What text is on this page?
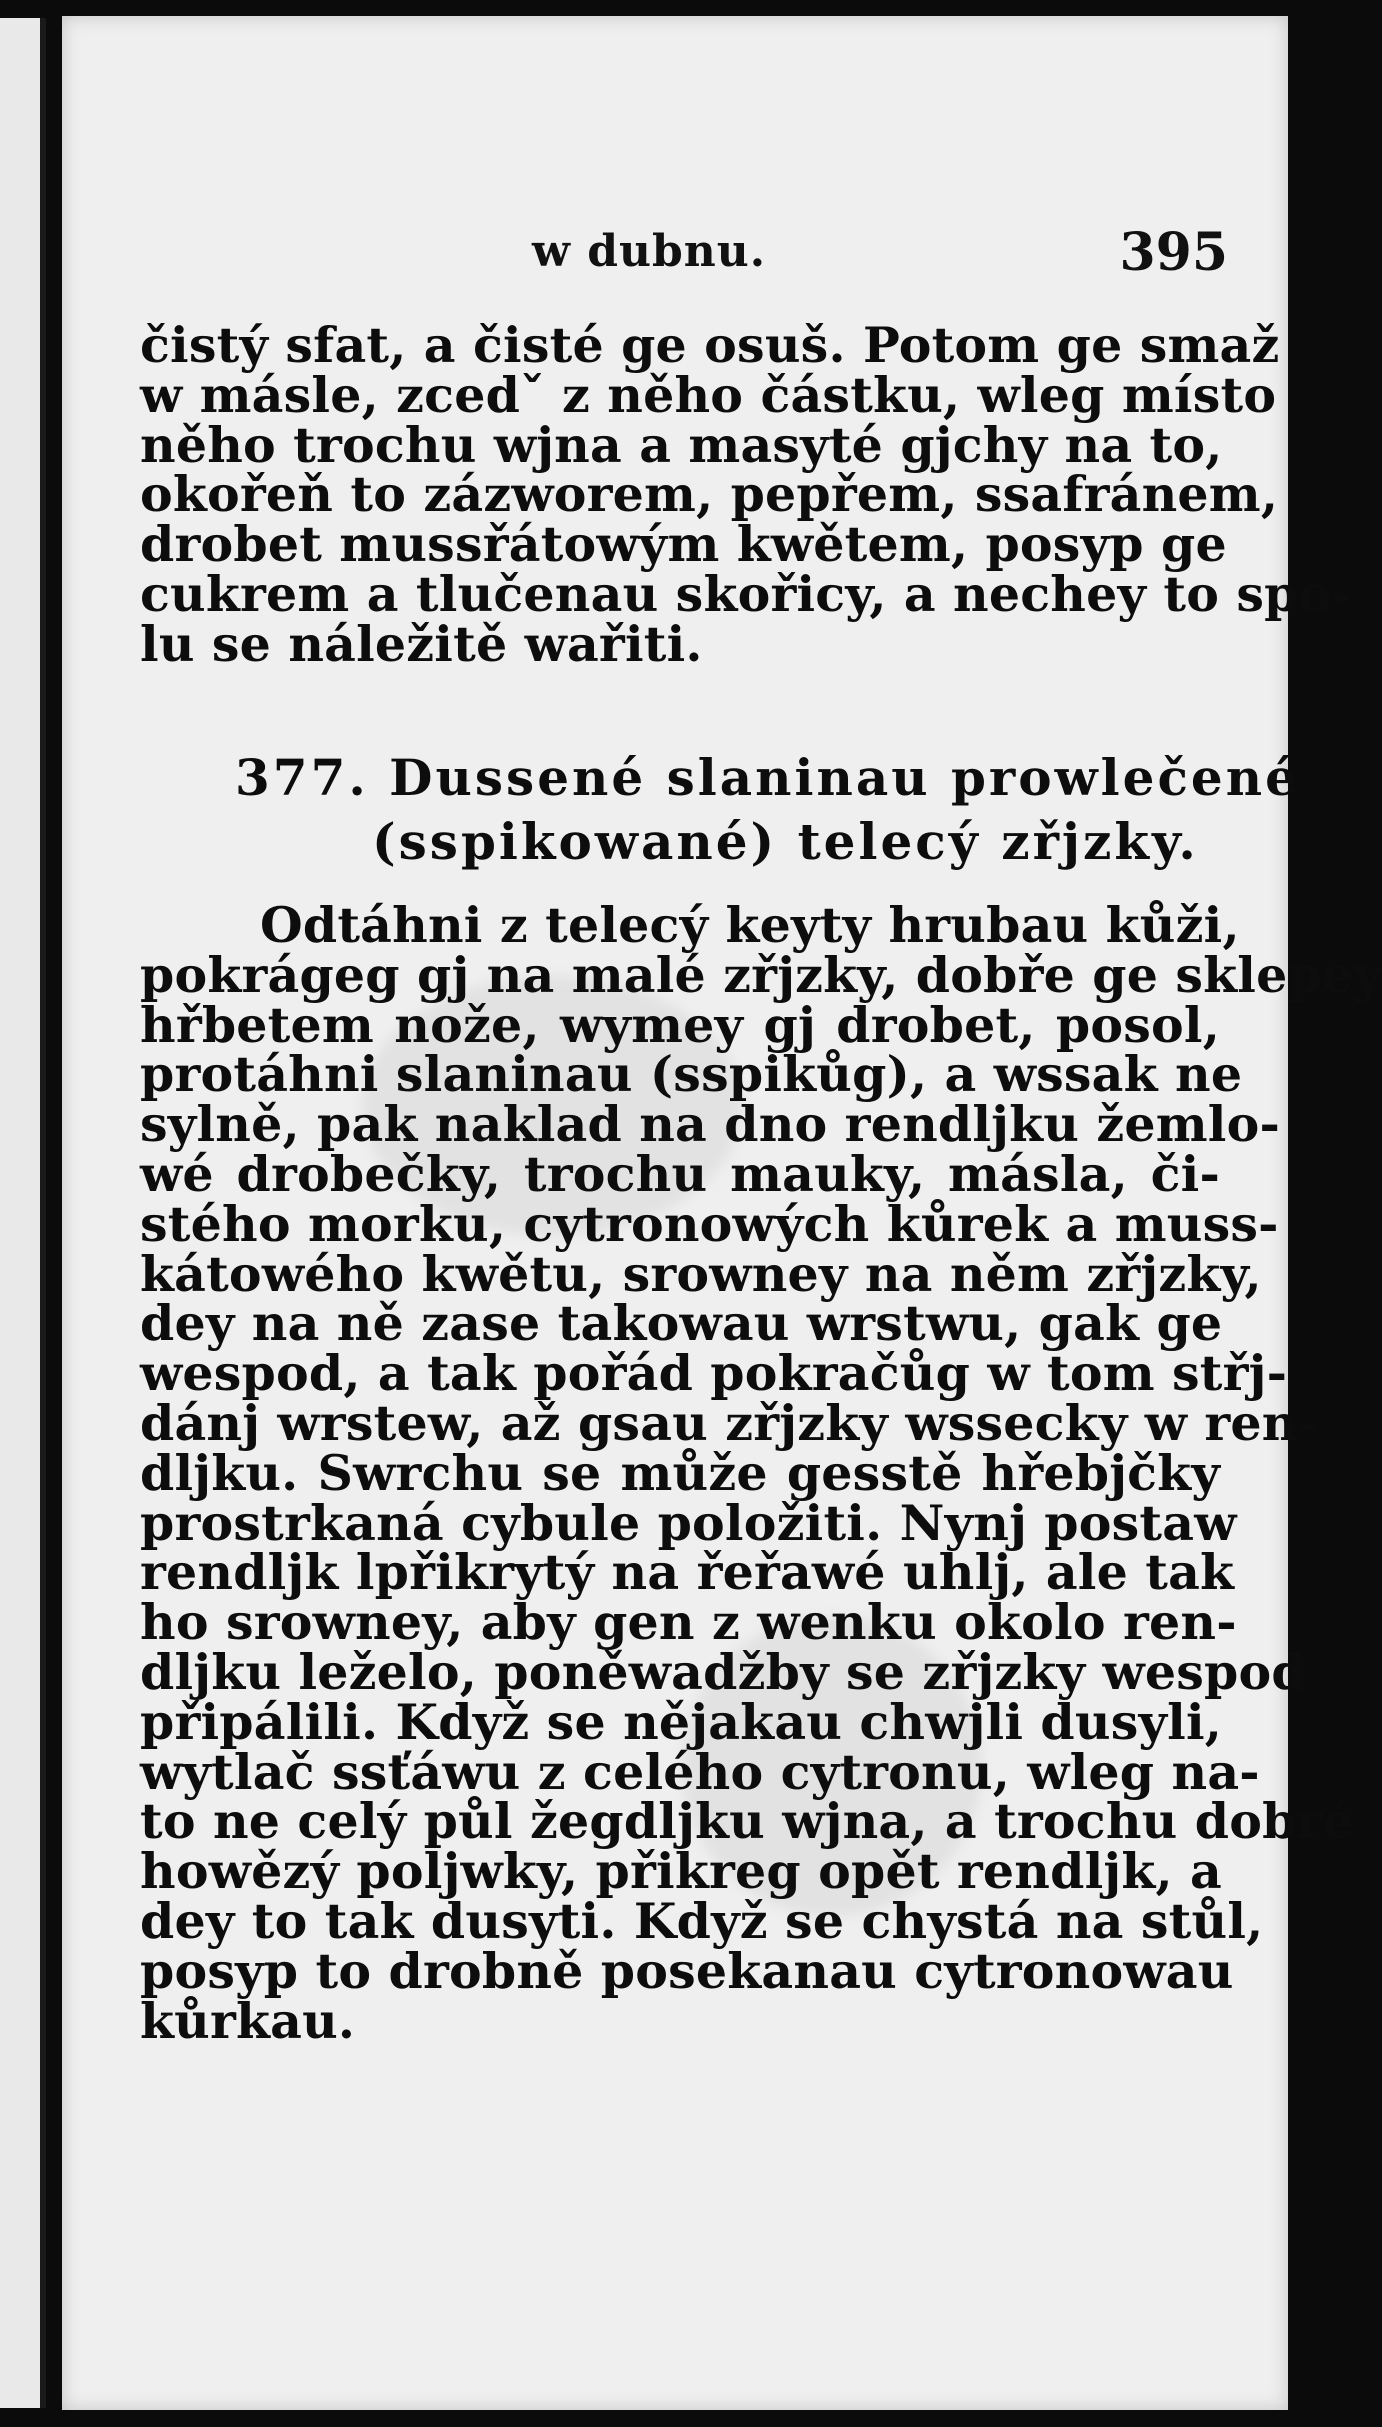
w dubnu.	395
čistý sfat, a čisté ge osuš. Potom ge smaž
w másle, zcedˇ z něho částku, wleg místo
něho trochu wjna a masyté gjchy na to,
okořeň to zázworem, pepřem, ssafránem,
drobet mussřátowým kwětem, posyp ge
cukrem a tlučenau skořicy, a nechey to spo-
lu se náležitě wařiti.
377. Dussené slaninau prowlečené
(sspikowané) telecý zřjzky.
Odtáhni z telecý keyty hrubau kůži,
pokrágeg gj na malé zřjzky, dobře ge sklepey
hřbetem nože, wymey gj drobet, posol,
protáhni slaninau (sspikůg), a wssak ne
sylně, pak naklad na dno rendljku žemlo-
wé drobečky, trochu mauky, másla, či-
stého morku, cytronowých kůrek a muss-
kátowého kwětu, srowney na něm zřjzky,
dey na ně zase takowau wrstwu, gak ge
wespod, a tak pořád pokračůg w tom střj-
dánj wrstew, až gsau zřjzky wssecky w ren-
dljku. Swrchu se může gesstě hřebjčky
prostrkaná cybule položiti. Nynj postaw
rendljk lpřikrytý na řeřawé uhlj, ale tak
ho srowney, aby gen z wenku okolo ren-
dljku leželo, poněwadžby se zřjzky wespod
připálili. Když se nějakau chwjli dusyli,
wytlač ssťáwu z celého cytronu, wleg na-
to ne celý půl žegdljku wjna, a trochu dobré
howězý poljwky, přikreg opět rendljk, a
dey to tak dusyti. Když se chystá na stůl,
posyp to drobně posekanau cytronowau
kůrkau.
